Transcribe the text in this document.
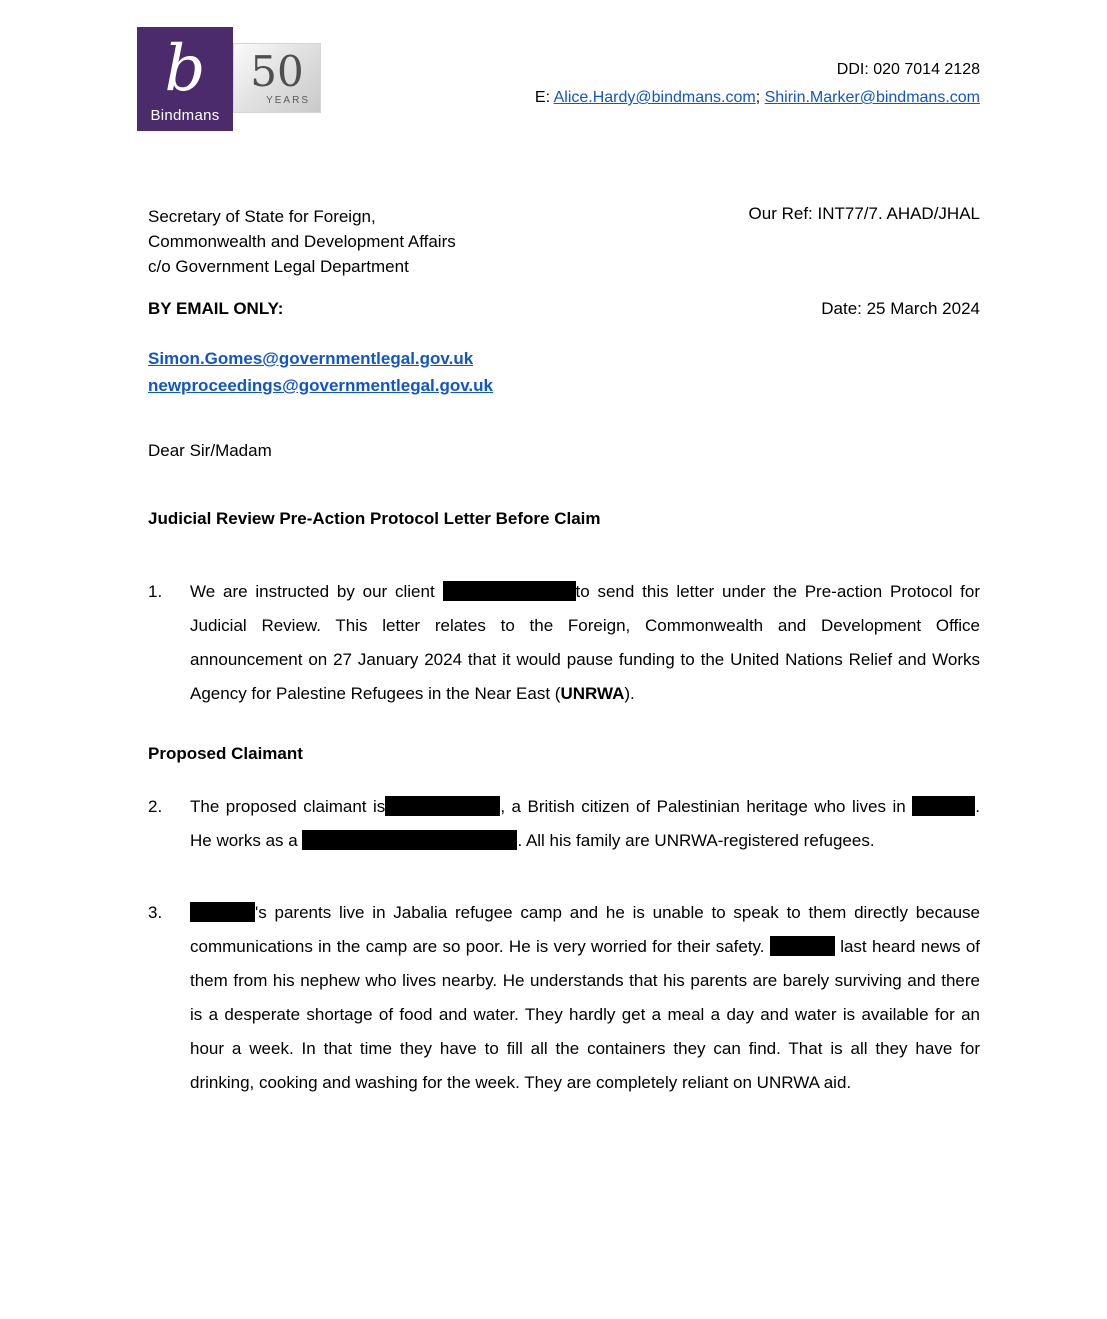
b
Bindmans
50
YEARS
DDI: 020 7014 2128
E: Alice.Hardy@bindmans.com; Shirin.Marker@bindmans.com
Secretary of State for Foreign,
Commonwealth and Development Affairs
c/o Government Legal Department
Our Ref: INT77/7. AHAD/JHAL
BY EMAIL ONLY:	Date: 25 March 2024
Simon.Gomes@governmentlegal.gov.uk
newproceedings@governmentlegal.gov.uk
Dear Sir/Madam
Judicial Review Pre-Action Protocol Letter Before Claim
1.	We are instructed by our client	to send this letter under the Pre-action Protocol for Judicial Review. This letter relates to the Foreign, Commonwealth and Development Office announcement on 27 January 2024 that it would pause funding to the United Nations Relief and Works Agency for Palestine Refugees in the Near East (UNRWA).
Proposed Claimant
2.	The proposed claimant is	, a British citizen of Palestinian heritage who lives in	. He works as a	. All his family are UNRWA-registered refugees.
3.	's parents live in Jabalia refugee camp and he is unable to speak to them directly because communications in the camp are so poor. He is very worried for their safety.	last heard news of them from his nephew who lives nearby. He understands that his parents are barely surviving and there is a desperate shortage of food and water. They hardly get a meal a day and water is available for an hour a week. In that time they have to fill all the containers they can find. That is all they have for drinking, cooking and washing for the week. They are completely reliant on UNRWA aid.
